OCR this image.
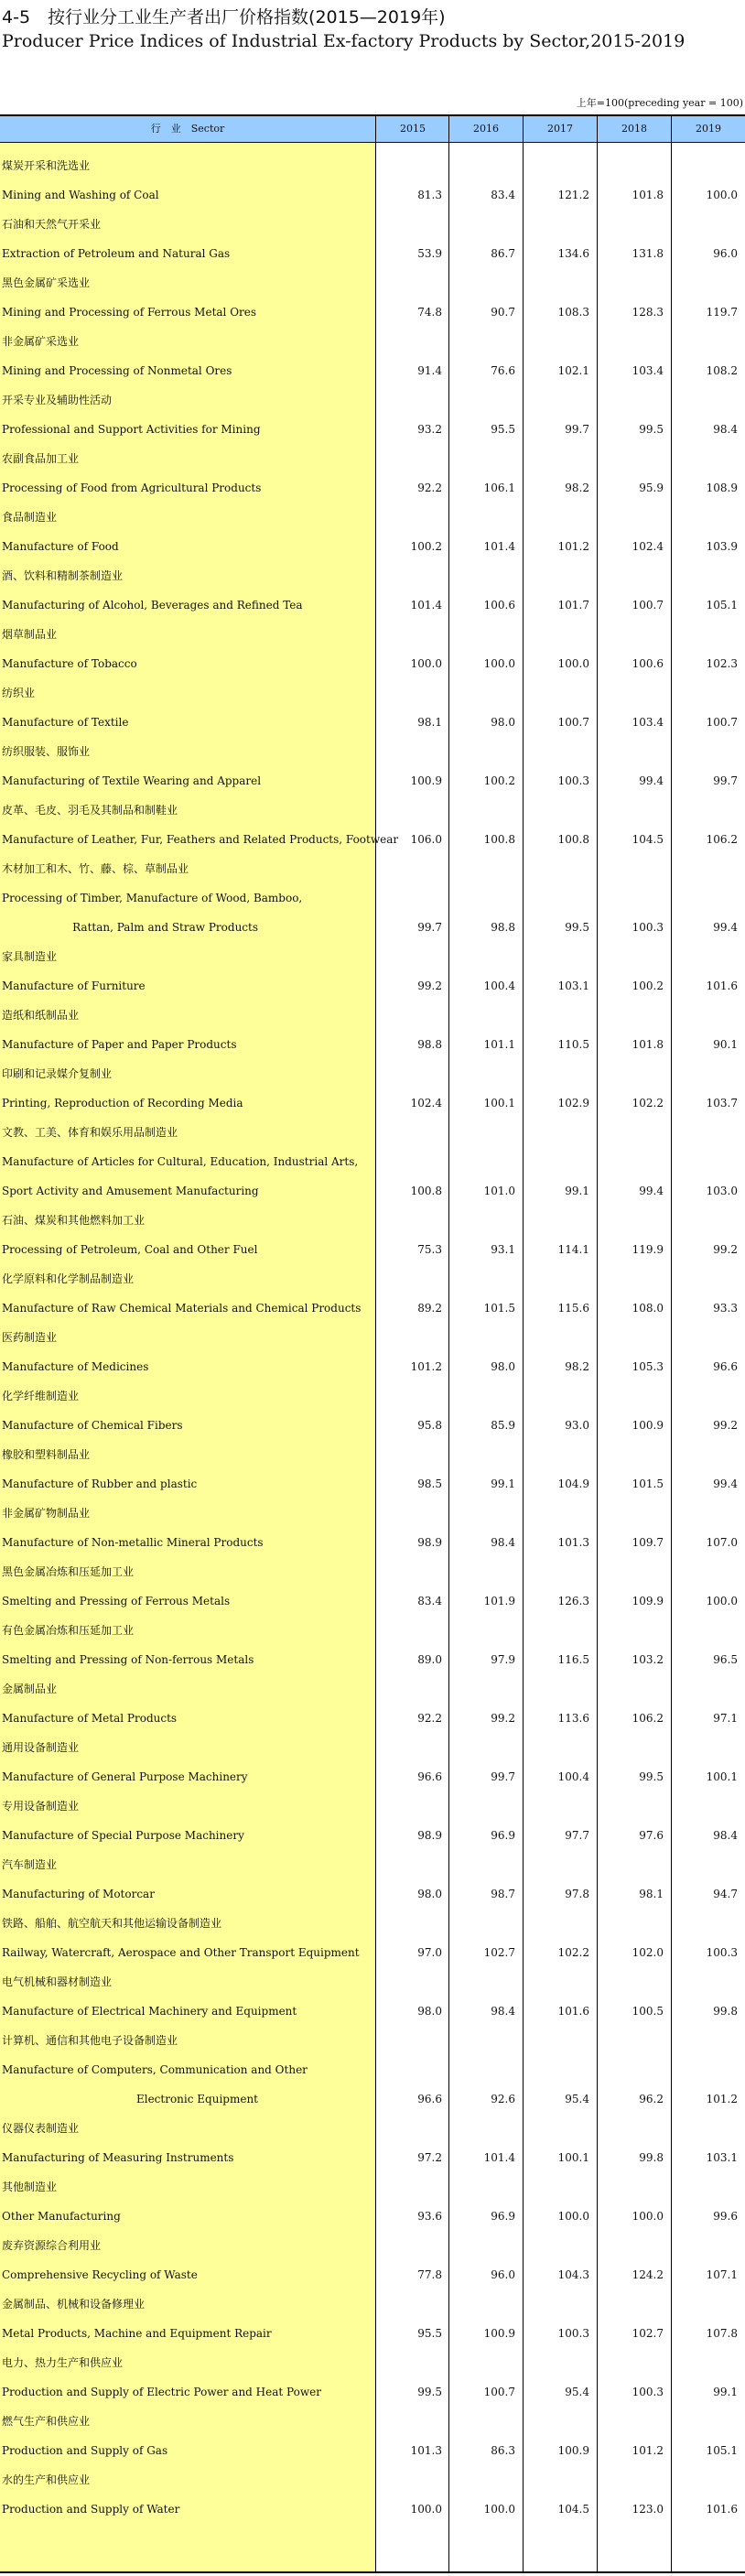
4-5　按行业分工业生产者出厂价格指数(2015—2019年)
Producer Price Indices of Industrial Ex-factory Products by Sector,2015-2019
上年=100(preceding year = 100)
行　业　Sector	2015	2016	2017	2018	2019
煤炭开采和洗选业
Mining and Washing of Coal	81.3	83.4	121.2	101.8	100.0
石油和天然气开采业
Extraction of Petroleum and Natural Gas	53.9	86.7	134.6	131.8	96.0
黑色金属矿采选业
Mining and Processing of Ferrous Metal Ores	74.8	90.7	108.3	128.3	119.7
非金属矿采选业
Mining and Processing of Nonmetal Ores	91.4	76.6	102.1	103.4	108.2
开采专业及辅助性活动
Professional and Support Activities for Mining	93.2	95.5	99.7	99.5	98.4
农副食品加工业
Processing of Food from Agricultural Products	92.2	106.1	98.2	95.9	108.9
食品制造业
Manufacture of Food	100.2	101.4	101.2	102.4	103.9
酒、饮料和精制茶制造业
Manufacturing of Alcohol, Beverages and Refined Tea	101.4	100.6	101.7	100.7	105.1
烟草制品业
Manufacture of Tobacco	100.0	100.0	100.0	100.6	102.3
纺织业
Manufacture of Textile	98.1	98.0	100.7	103.4	100.7
纺织服装、服饰业
Manufacturing of Textile Wearing and Apparel	100.9	100.2	100.3	99.4	99.7
皮革、毛皮、羽毛及其制品和制鞋业
Manufacture of Leather, Fur, Feathers and Related Products, Footwear	106.0	100.8	100.8	104.5	106.2
木材加工和木、竹、藤、棕、草制品业
Processing of Timber, Manufacture of Wood, Bamboo,
Rattan, Palm and Straw Products	99.7	98.8	99.5	100.3	99.4
家具制造业
Manufacture of Furniture	99.2	100.4	103.1	100.2	101.6
造纸和纸制品业
Manufacture of Paper and Paper Products	98.8	101.1	110.5	101.8	90.1
印刷和记录媒介复制业
Printing, Reproduction of Recording Media	102.4	100.1	102.9	102.2	103.7
文教、工美、体育和娱乐用品制造业
Manufacture of Articles for Cultural, Education, Industrial Arts,
Sport Activity and Amusement Manufacturing	100.8	101.0	99.1	99.4	103.0
石油、煤炭和其他燃料加工业
Processing of Petroleum, Coal and Other Fuel	75.3	93.1	114.1	119.9	99.2
化学原料和化学制品制造业
Manufacture of Raw Chemical Materials and Chemical Products	89.2	101.5	115.6	108.0	93.3
医药制造业
Manufacture of Medicines	101.2	98.0	98.2	105.3	96.6
化学纤维制造业
Manufacture of Chemical Fibers	95.8	85.9	93.0	100.9	99.2
橡胶和塑料制品业
Manufacture of Rubber and plastic	98.5	99.1	104.9	101.5	99.4
非金属矿物制品业
Manufacture of Non-metallic Mineral Products	98.9	98.4	101.3	109.7	107.0
黑色金属冶炼和压延加工业
Smelting and Pressing of Ferrous Metals	83.4	101.9	126.3	109.9	100.0
有色金属冶炼和压延加工业
Smelting and Pressing of Non-ferrous Metals	89.0	97.9	116.5	103.2	96.5
金属制品业
Manufacture of Metal Products	92.2	99.2	113.6	106.2	97.1
通用设备制造业
Manufacture of General Purpose Machinery	96.6	99.7	100.4	99.5	100.1
专用设备制造业
Manufacture of Special Purpose Machinery	98.9	96.9	97.7	97.6	98.4
汽车制造业
Manufacturing of Motorcar	98.0	98.7	97.8	98.1	94.7
铁路、船舶、航空航天和其他运输设备制造业
Railway, Watercraft, Aerospace and Other Transport Equipment	97.0	102.7	102.2	102.0	100.3
电气机械和器材制造业
Manufacture of Electrical Machinery and Equipment	98.0	98.4	101.6	100.5	99.8
计算机、通信和其他电子设备制造业
Manufacture of Computers, Communication and Other
Electronic Equipment	96.6	92.6	95.4	96.2	101.2
仪器仪表制造业
Manufacturing of Measuring Instruments	97.2	101.4	100.1	99.8	103.1
其他制造业
Other Manufacturing	93.6	96.9	100.0	100.0	99.6
废弃资源综合利用业
Comprehensive Recycling of Waste	77.8	96.0	104.3	124.2	107.1
金属制品、机械和设备修理业
Metal Products, Machine and Equipment Repair	95.5	100.9	100.3	102.7	107.8
电力、热力生产和供应业
Production and Supply of Electric Power and Heat Power	99.5	100.7	95.4	100.3	99.1
燃气生产和供应业
Production and Supply of Gas	101.3	86.3	100.9	101.2	105.1
水的生产和供应业
Production and Supply of Water	100.0	100.0	104.5	123.0	101.6
